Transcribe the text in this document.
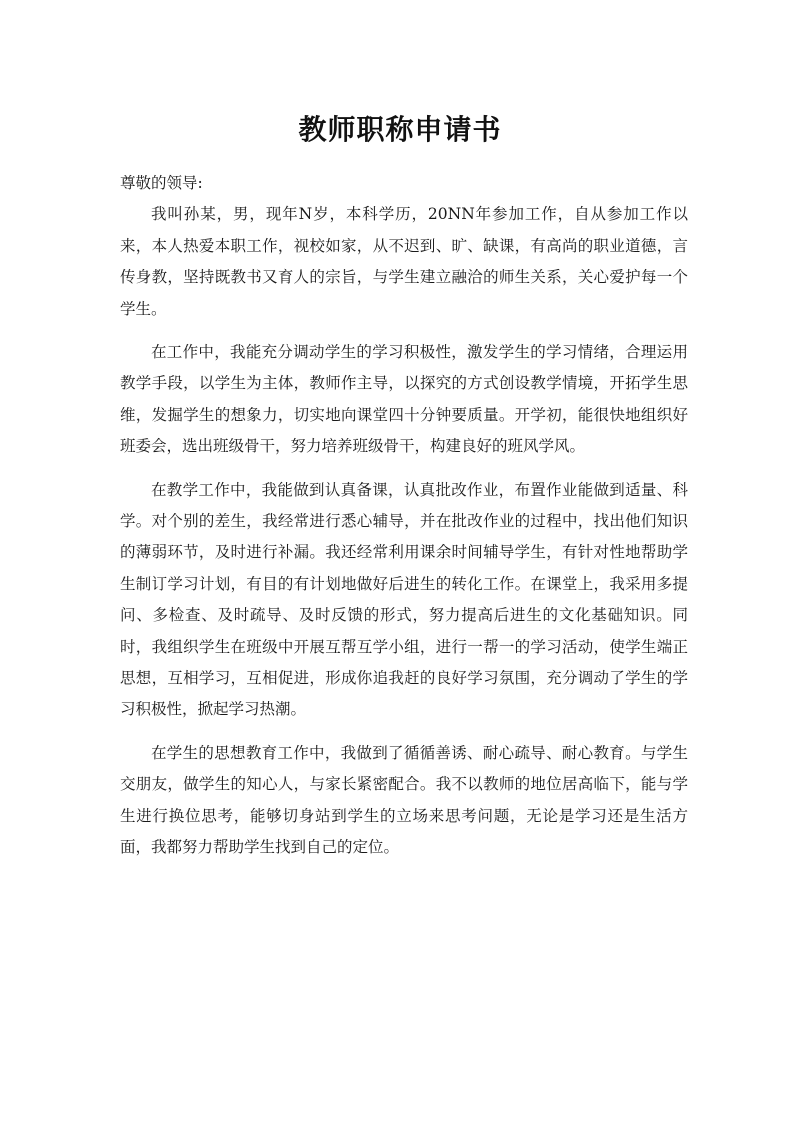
教师职称申请书

尊敬的领导:

我叫孙某，男，现年N岁，本科学历，20NN年参加工作，自从参加工作以来，本人热爱本职工作，视校如家，从不迟到、旷、缺课，有高尚的职业道德，言传身教，坚持既教书又育人的宗旨，与学生建立融洽的师生关系，关心爱护每一个学生。

在工作中，我能充分调动学生的学习积极性，激发学生的学习情绪，合理运用教学手段，以学生为主体，教师作主导，以探究的方式创设教学情境，开拓学生思维，发掘学生的想象力，切实地向课堂四十分钟要质量。开学初，能很快地组织好班委会，选出班级骨干，努力培养班级骨干，构建良好的班风学风。

在教学工作中，我能做到认真备课，认真批改作业，布置作业能做到适量、科学。对个别的差生，我经常进行悉心辅导，并在批改作业的过程中，找出他们知识的薄弱环节，及时进行补漏。我还经常利用课余时间辅导学生，有针对性地帮助学生制订学习计划，有目的有计划地做好后进生的转化工作。在课堂上，我采用多提问、多检查、及时疏导、及时反馈的形式，努力提高后进生的文化基础知识。同时，我组织学生在班级中开展互帮互学小组，进行一帮一的学习活动，使学生端正思想，互相学习，互相促进，形成你追我赶的良好学习氛围，充分调动了学生的学习积极性，掀起学习热潮。

在学生的思想教育工作中，我做到了循循善诱、耐心疏导、耐心教育。与学生交朋友，做学生的知心人，与家长紧密配合。我不以教师的地位居高临下，能与学生进行换位思考，能够切身站到学生的立场来思考问题，无论是学习还是生活方面，我都努力帮助学生找到自己的定位。
